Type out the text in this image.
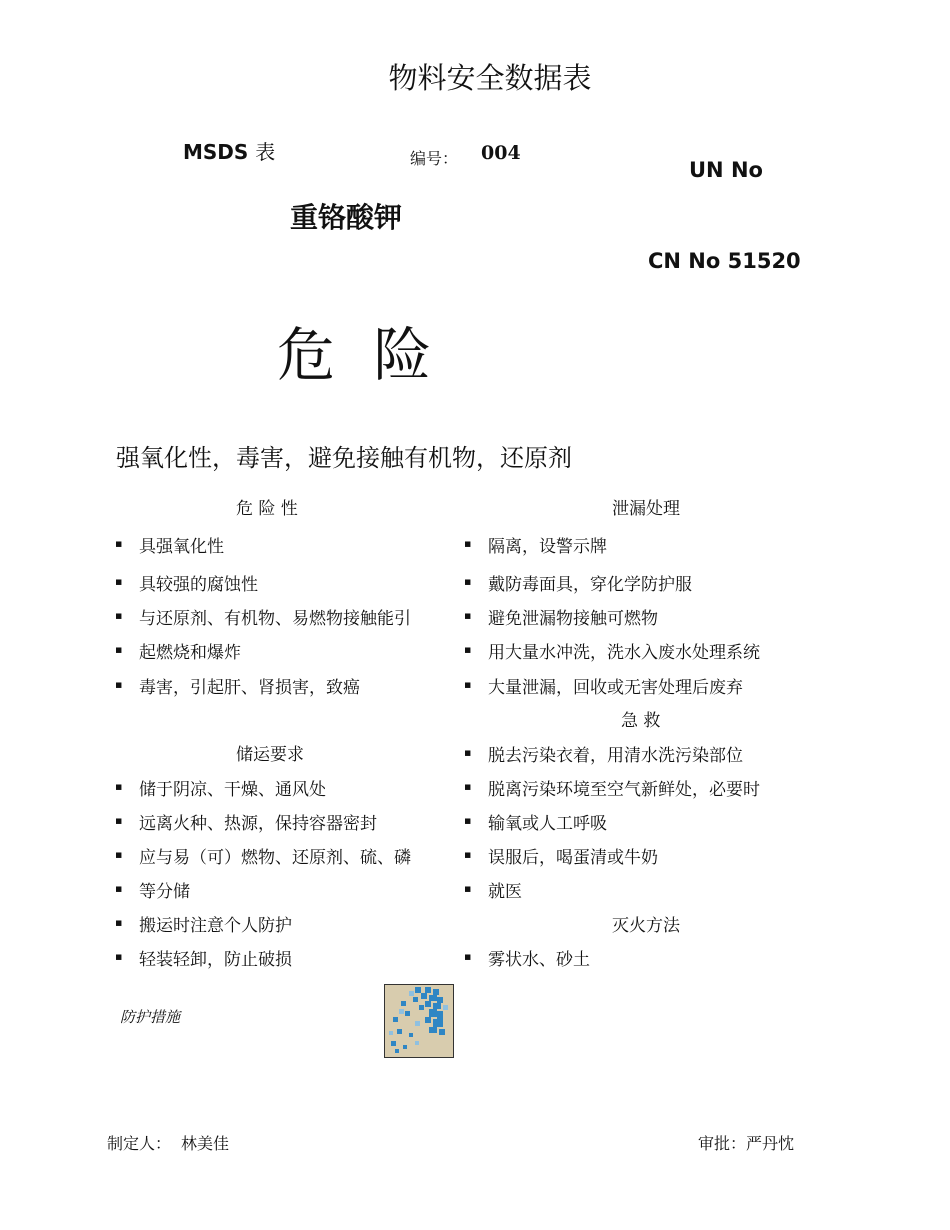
物料安全数据表
MSDS 表	编号： 004
UN No
重铬酸钾
CN No 51520
危 险
强氧化性，毒害，避免接触有机物，还原剂
危 险 性
▪ 具强氧化性
▪ 具较强的腐蚀性
▪ 与还原剂、有机物、易燃物接触能引
▪ 起燃烧和爆炸
▪ 毒害，引起肝、肾损害，致癌
储运要求
▪ 储于阴凉、干燥、通风处
▪ 远离火种、热源，保持容器密封
▪ 应与易（可）燃物、还原剂、硫、磷
▪ 等分储
▪ 搬运时注意个人防护
▪ 轻装轻卸，防止破损
泄漏处理
▪ 隔离，设警示牌
▪ 戴防毒面具，穿化学防护服
▪ 避免泄漏物接触可燃物
▪ 用大量水冲洗，洗水入废水处理系统
▪ 大量泄漏，回收或无害处理后废弃
急 救
▪ 脱去污染衣着，用清水洗污染部位
▪ 脱离污染环境至空气新鲜处，必要时
▪ 输氧或人工呼吸
▪ 误服后，喝蛋清或牛奶
▪ 就医
灭火方法
▪ 雾状水、砂土
防护措施
制定人： 林美佳	审批：严丹忱
